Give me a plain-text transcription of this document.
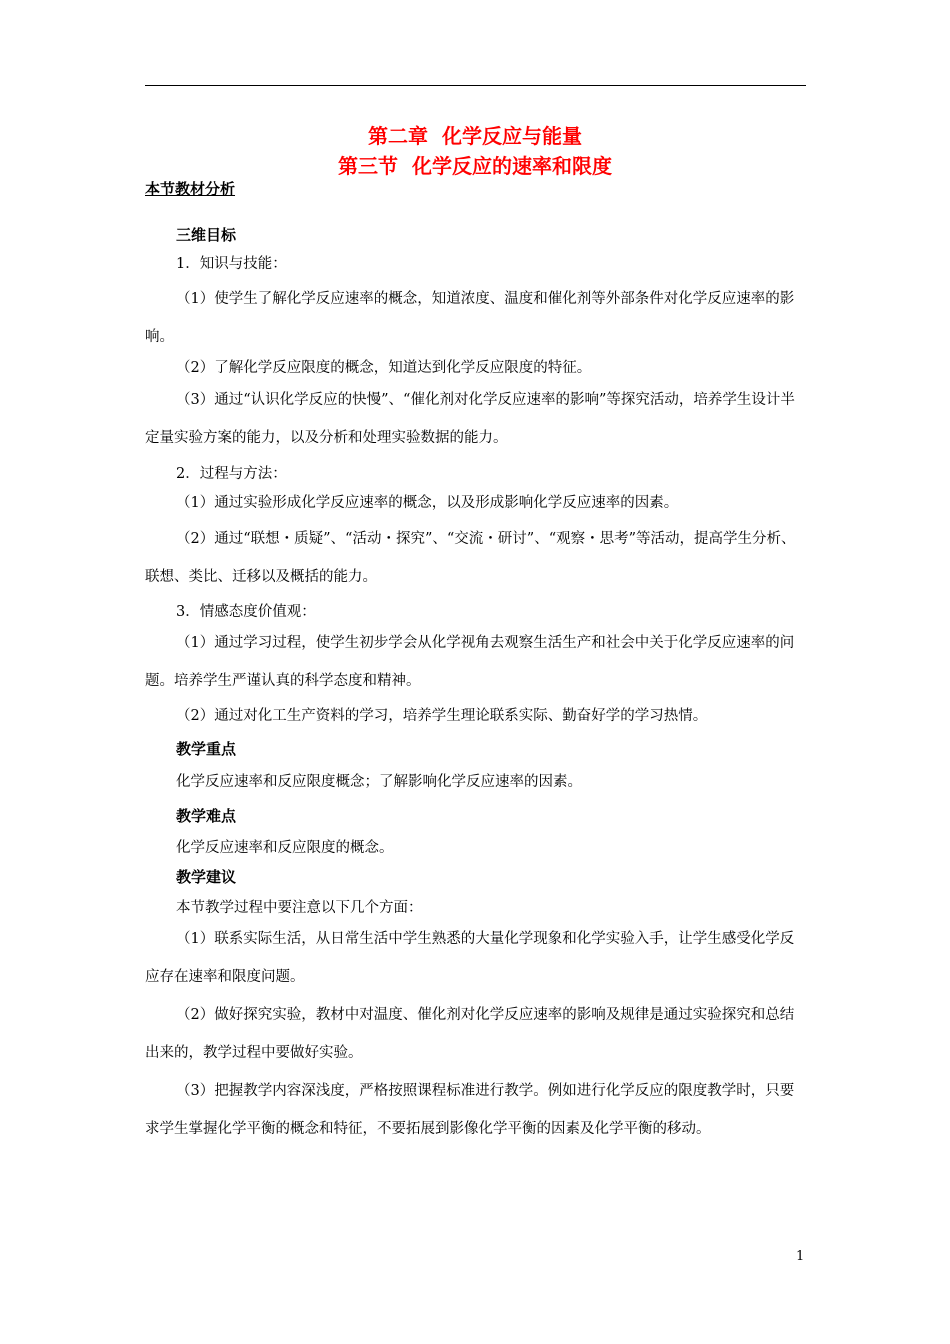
第二章  化学反应与能量
第三节  化学反应的速率和限度
本节教材分析
三维目标
1．知识与技能：
（1）使学生了解化学反应速率的概念，知道浓度、温度和催化剂等外部条件对化学反应速率的影响。
（2）了解化学反应限度的概念，知道达到化学反应限度的特征。
（3）通过“认识化学反应的快慢”、“催化剂对化学反应速率的影响”等探究活动，培养学生设计半定量实验方案的能力，以及分析和处理实验数据的能力。
2．过程与方法：
（1）通过实验形成化学反应速率的概念，以及形成影响化学反应速率的因素。
（2）通过“联想・质疑”、“活动・探究”、“交流・研讨”、“观察・思考”等活动，提高学生分析、联想、类比、迁移以及概括的能力。
3．情感态度价值观：
（1）通过学习过程，使学生初步学会从化学视角去观察生活生产和社会中关于化学反应速率的问题。培养学生严谨认真的科学态度和精神。
（2）通过对化工生产资料的学习，培养学生理论联系实际、勤奋好学的学习热情。
教学重点
化学反应速率和反应限度概念；了解影响化学反应速率的因素。
教学难点
化学反应速率和反应限度的概念。
教学建议
本节教学过程中要注意以下几个方面：
（1）联系实际生活，从日常生活中学生熟悉的大量化学现象和化学实验入手，让学生感受化学反应存在速率和限度问题。
（2）做好探究实验，教材中对温度、催化剂对化学反应速率的影响及规律是通过实验探究和总结出来的，教学过程中要做好实验。
（3）把握教学内容深浅度，严格按照课程标准进行教学。例如进行化学反应的限度教学时，只要求学生掌握化学平衡的概念和特征，不要拓展到影像化学平衡的因素及化学平衡的移动。
1
